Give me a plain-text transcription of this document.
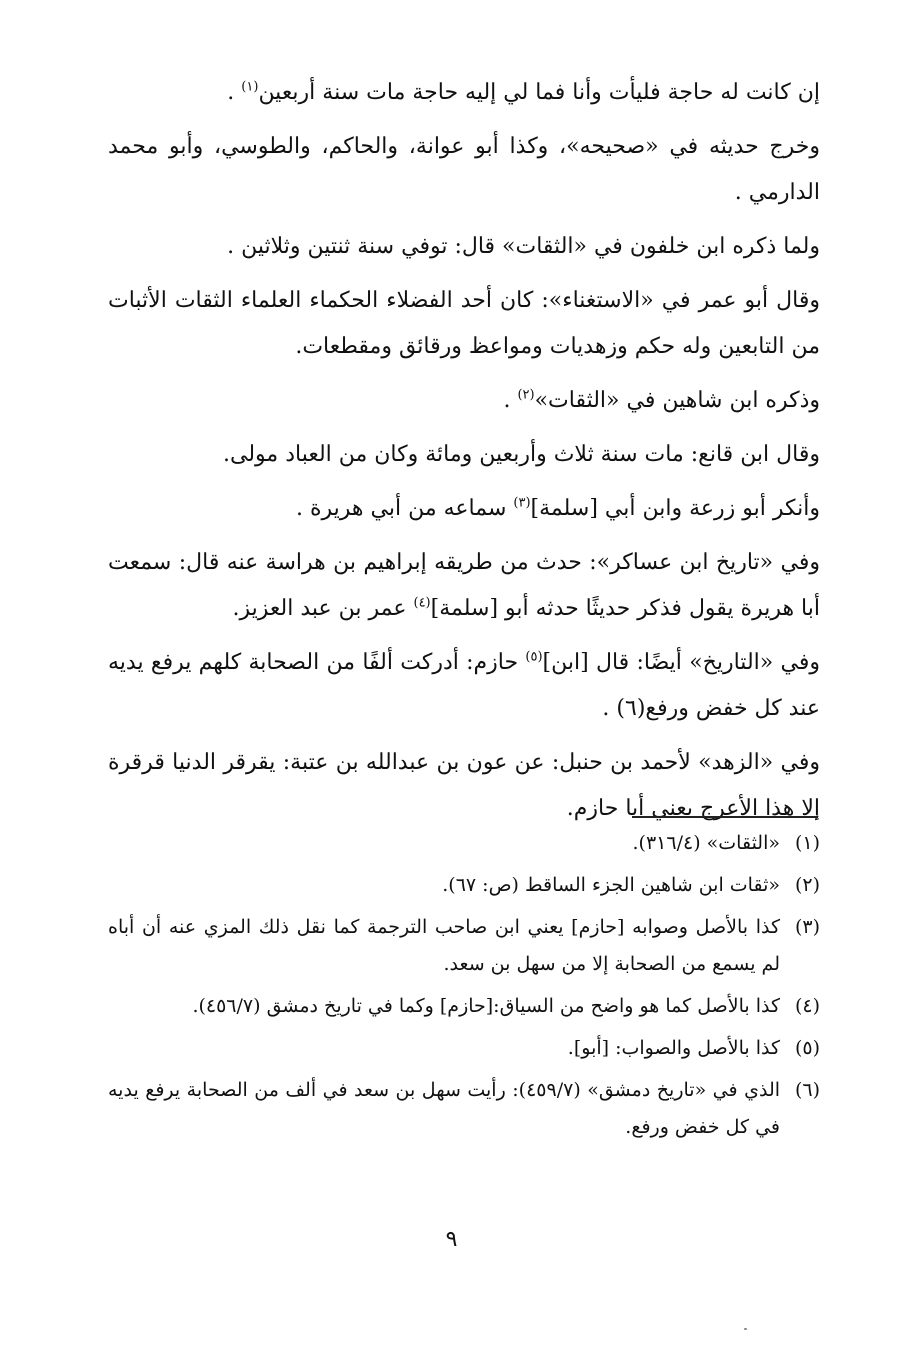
إن كانت له حاجة فليأت وأنا فما لي إليه حاجة مات سنة أربعين$^{(١)}$ .

وخرج حديثه في «صحيحه»، وكذا أبو عوانة، والحاكم، والطوسي، وأبو محمد الدارمي .

ولما ذكره ابن خلفون في «الثقات» قال: توفي سنة ثنتين وثلاثين .

وقال أبو عمر في «الاستغناء»: كان أحد الفضلاء الحكماء العلماء الثقات الأثبات من التابعين وله حكم وزهديات ومواعظ ورقائق ومقطعات.

وذكره ابن شاهين في «الثقات»$^{(٢)}$ .

وقال ابن قانع: مات سنة ثلاث وأربعين ومائة وكان من العباد مولى.

وأنكر أبو زرعة وابن أبي [سلمة]$^{(٣)}$ سماعه من أبي هريرة .

وفي «تاريخ ابن عساكر»: حدث من طريقه إبراهيم بن هراسة عنه قال: سمعت أبا هريرة يقول فذكر حديثًا حدثه أبو [سلمة]$^{(٤)}$ عمر بن عبد العزيز.

وفي «التاريخ» أيضًا: قال [ابن]$^{(٥)}$ حازم: أدركت ألفًا من الصحابة كلهم يرفع يديه عند كل خفض ورفع(٦) .

وفي «الزهد» لأحمد بن حنبل: عن عون بن عبدالله بن عتبة: يقرقر الدنيا قرقرة إلا هذا الأعرج يعني أبا حازم.

(١)
«الثقات» (٣١٦/٤).
(٢)
«ثقات ابن شاهين الجزء الساقط (ص: ٦٧).
(٣)
كذا بالأصل وصوابه [حازم] يعني ابن صاحب الترجمة كما نقل ذلك المزي عنه أن أباه لم يسمع من الصحابة إلا من سهل بن سعد.
(٤)
كذا بالأصل كما هو واضح من السياق:[حازم] وكما في تاريخ دمشق (٤٥٦/٧).
(٥)
كذا بالأصل والصواب: [أبو].
(٦)
الذي في «تاريخ دمشق» (٤٥٩/٧): رأيت سهل بن سعد في ألف من الصحابة يرفع يديه في كل خفض ورفع.
٩
